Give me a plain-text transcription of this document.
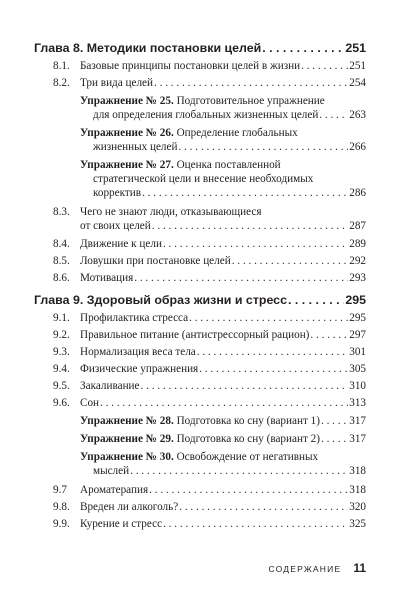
Глава 8. Методики постановки целей . . .	251
8.1. Базовые принципы постановки целей в жизни . . .	251
8.2. Три вида целей . . .	254
Упражнение № 25. Подготовительное упражнение
для определения глобальных жизненных целей . . .	263
Упражнение № 26. Определение глобальных
жизненных целей . . .	266
Упражнение № 27. Оценка поставленной
стратегической цели и внесение необходимых
корректив . . .	286
8.3. Чего не знают люди, отказывающиеся
от своих целей . . .	287
8.4. Движение к цели . . .	289
8.5. Ловушки при постановке целей . . .	292
8.6. Мотивация . . .	293
Глава 9. Здоровый образ жизни и стресс . . .	295
9.1. Профилактика стресса . . .	295
9.2. Правильное питание (антистрессорный рацион) . . .	297
9.3. Нормализация веса тела . . .	301
9.4. Физические упражнения . . .	305
9.5. Закаливание . . .	310
9.6. Сон . . .	313
Упражнение № 28. Подготовка ко сну (вариант 1) . . .	317
Упражнение № 29. Подготовка ко сну (вариант 2) . . .	317
Упражнение № 30. Освобождение от негативных
мыслей . . .	318
9.7 Ароматерапия . . .	318
9.8. Вреден ли алкоголь? . . .	320
9.9. Курение и стресс . . .	325
СОДЕРЖАНИЕ 11
